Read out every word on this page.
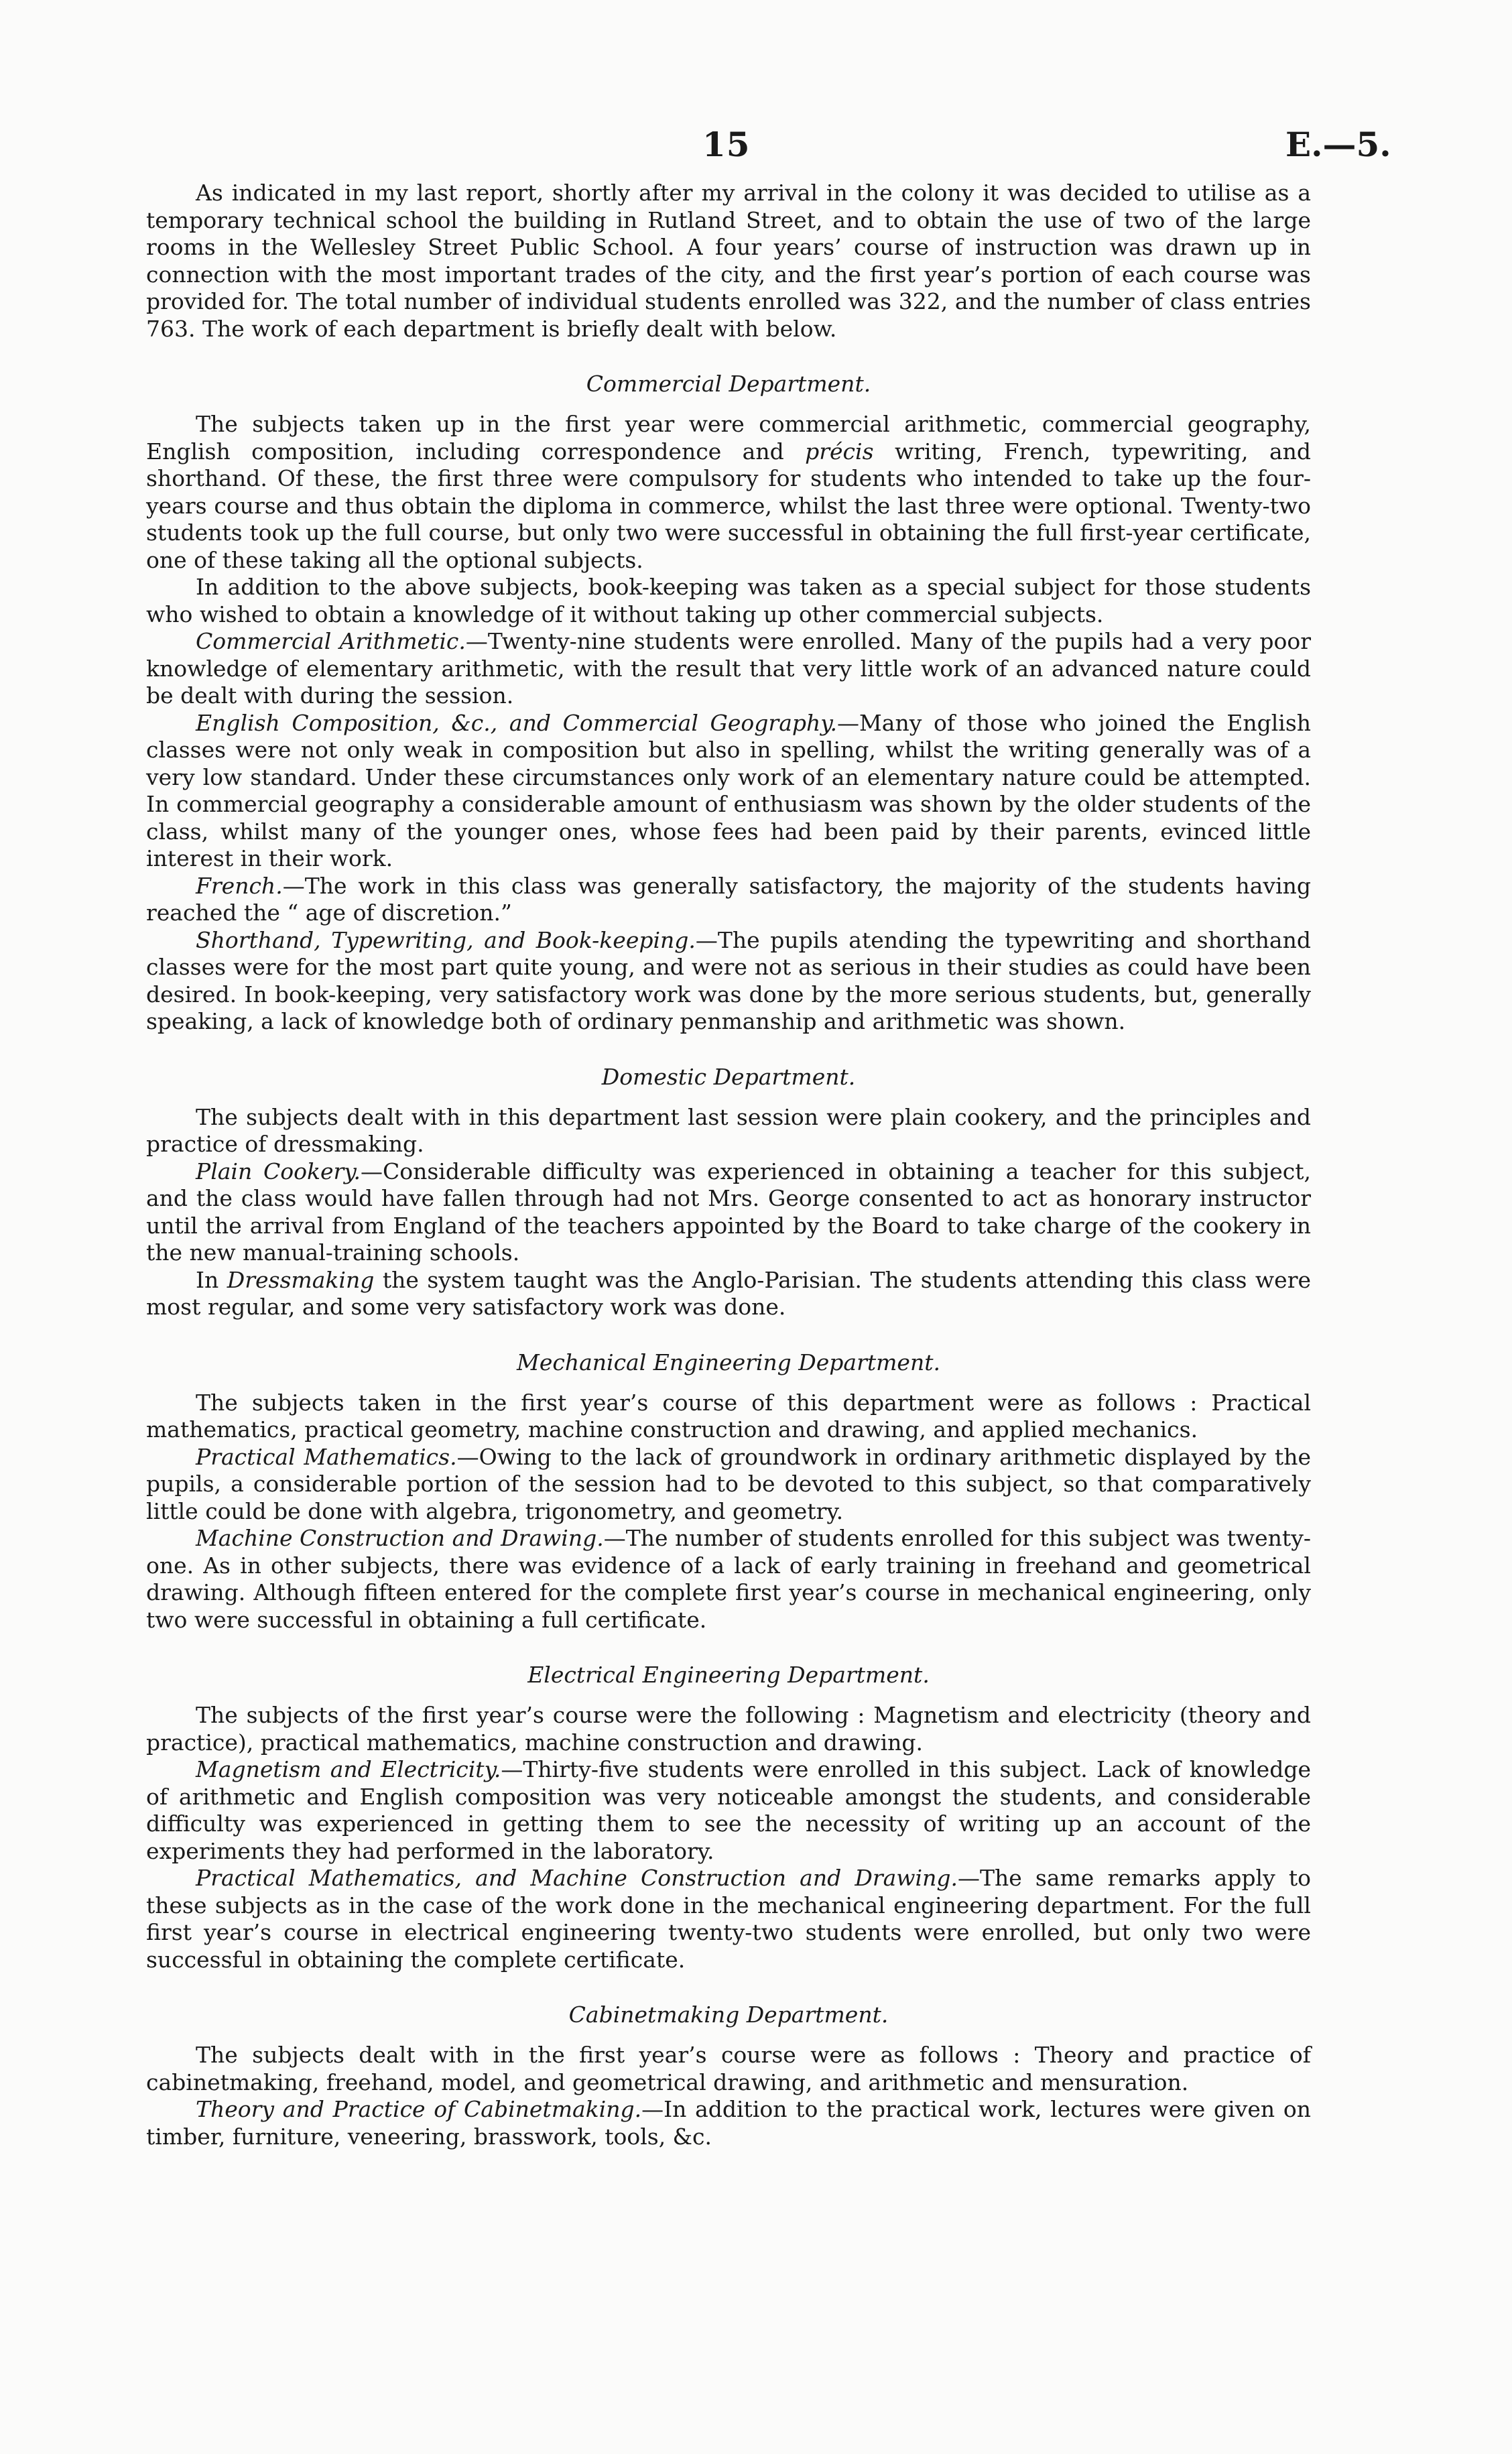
15	E.—5.

As indicated in my last report, shortly after my arrival in the colony it was decided to utilise as a temporary technical school the building in Rutland Street, and to obtain the use of two of the large rooms in the Wellesley Street Public School. A four years’ course of instruction was drawn up in connection with the most important trades of the city, and the first year’s portion of each course was provided for. The total number of individual students enrolled was 322, and the number of class entries 763. The work of each department is briefly dealt with below.

Commercial Department.

The subjects taken up in the first year were commercial arithmetic, commercial geography, English composition, including correspondence and précis writing, French, typewriting, and shorthand. Of these, the first three were compulsory for students who intended to take up the four-years course and thus obtain the diploma in commerce, whilst the last three were optional. Twenty-two students took up the full course, but only two were successful in obtaining the full first-year certificate, one of these taking all the optional subjects.

In addition to the above subjects, book-keeping was taken as a special subject for those students who wished to obtain a knowledge of it without taking up other commercial subjects.

Commercial Arithmetic.—Twenty-nine students were enrolled. Many of the pupils had a very poor knowledge of elementary arithmetic, with the result that very little work of an advanced nature could be dealt with during the session.

English Composition, &c., and Commercial Geography.—Many of those who joined the English classes were not only weak in composition but also in spelling, whilst the writing generally was of a very low standard. Under these circumstances only work of an elementary nature could be attempted. In commercial geography a considerable amount of enthusiasm was shown by the older students of the class, whilst many of the younger ones, whose fees had been paid by their parents, evinced little interest in their work.

French.—The work in this class was generally satisfactory, the majority of the students having reached the “ age of discretion.”

Shorthand, Typewriting, and Book-keeping.—The pupils atending the typewriting and shorthand classes were for the most part quite young, and were not as serious in their studies as could have been desired. In book-keeping, very satisfactory work was done by the more serious students, but, generally speaking, a lack of knowledge both of ordinary penmanship and arithmetic was shown.

Domestic Department.

The subjects dealt with in this department last session were plain cookery, and the principles and practice of dressmaking.

Plain Cookery.—Considerable difficulty was experienced in obtaining a teacher for this subject, and the class would have fallen through had not Mrs. George consented to act as honorary instructor until the arrival from England of the teachers appointed by the Board to take charge of the cookery in the new manual-training schools.

In Dressmaking the system taught was the Anglo-Parisian. The students attending this class were most regular, and some very satisfactory work was done.

Mechanical Engineering Department.

The subjects taken in the first year’s course of this department were as follows : Practical mathematics, practical geometry, machine construction and drawing, and applied mechanics.

Practical Mathematics.—Owing to the lack of groundwork in ordinary arithmetic displayed by the pupils, a considerable portion of the session had to be devoted to this subject, so that comparatively little could be done with algebra, trigonometry, and geometry.

Machine Construction and Drawing.—The number of students enrolled for this subject was twenty-one. As in other subjects, there was evidence of a lack of early training in freehand and geometrical drawing. Although fifteen entered for the complete first year’s course in mechanical engineering, only two were successful in obtaining a full certificate.

Electrical Engineering Department.

The subjects of the first year’s course were the following : Magnetism and electricity (theory and practice), practical mathematics, machine construction and drawing.

Magnetism and Electricity.—Thirty-five students were enrolled in this subject. Lack of knowledge of arithmetic and English composition was very noticeable amongst the students, and considerable difficulty was experienced in getting them to see the necessity of writing up an account of the experiments they had performed in the laboratory.

Practical Mathematics, and Machine Construction and Drawing.—The same remarks apply to these subjects as in the case of the work done in the mechanical engineering department. For the full first year’s course in electrical engineering twenty-two students were enrolled, but only two were successful in obtaining the complete certificate.

Cabinetmaking Department.

The subjects dealt with in the first year’s course were as follows : Theory and practice of cabinetmaking, freehand, model, and geometrical drawing, and arithmetic and mensuration.

Theory and Practice of Cabinetmaking.—In addition to the practical work, lectures were given on timber, furniture, veneering, brasswork, tools, &c.
